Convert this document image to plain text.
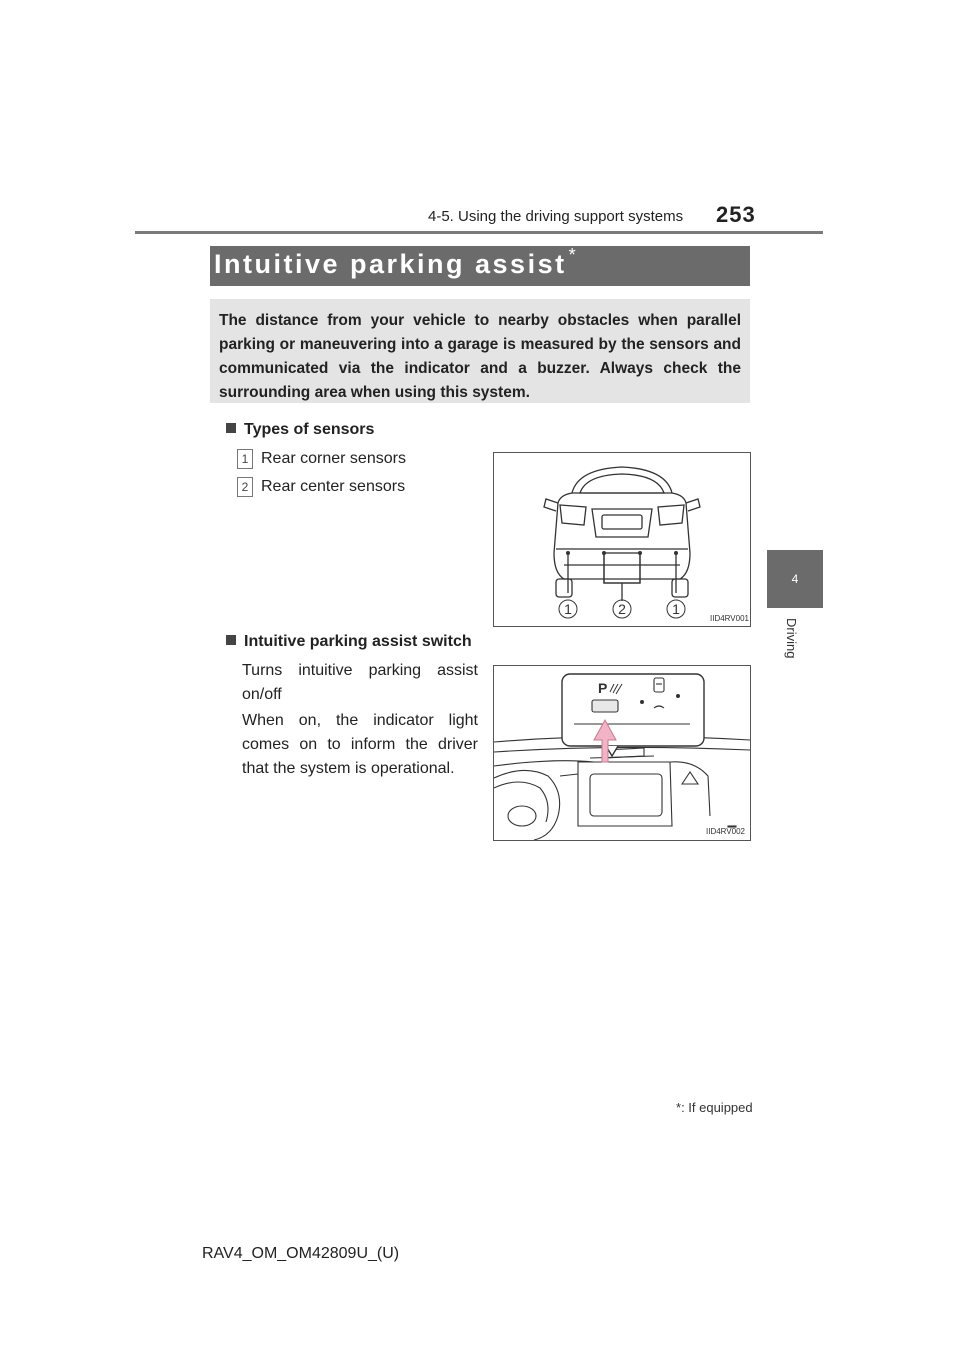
4-5. Using the driving support systems 253
4
Driving
Intuitive parking assist *
The distance from your vehicle to nearby obstacles when parallel parking or maneuvering into a garage is measured by the sensors and communicated via the indicator and a buzzer. Always check the surrounding area when using this system.
Types of sensors
1 Rear corner sensors
2 Rear center sensors
1	2	1
IID4RV001
Intuitive parking assist switch
Turns intuitive parking assist on/off
When on, the indicator light comes on to inform the driver that the system is operational.
P
IID4RV002
*: If equipped
RAV4_OM_OM42809U_(U)
